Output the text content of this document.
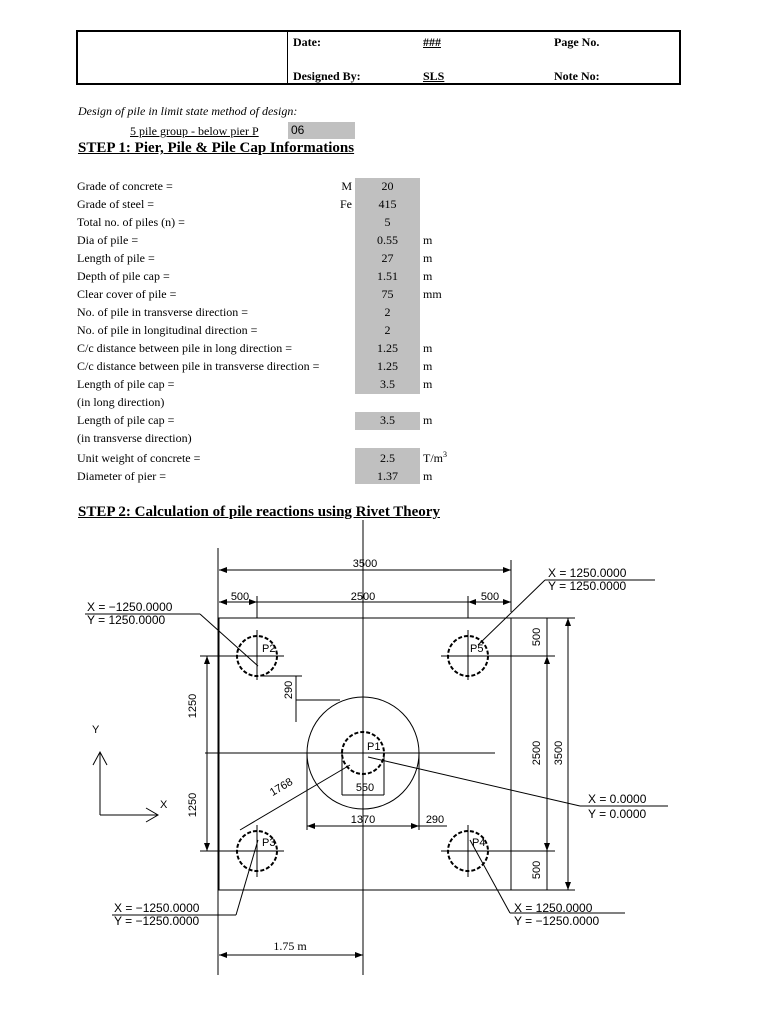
Date:	###	Page No.
Designed By:	SLS	Note No:
Design of pile in limit state method of design:
5 pile group - below pier P	06
STEP 1: Pier, Pile & Pile Cap Informations
Grade of concrete =	M	20
Grade of steel =	Fe	415
Total no. of piles (n) =	5
Dia of pile =	0.55	m
Length of pile =	27	m
Depth of pile cap =	1.51	m
Clear cover of pile =	75	mm
No. of pile in transverse direction =	2
No. of pile in longitudinal direction =	2
C/c distance between pile in long direction =	1.25	m
C/c distance between pile in transverse direction =	1.25	m
Length of pile cap =	3.5	m
(in long direction)
Length of pile cap =	3.5	m
(in transverse direction)
Unit weight of concrete =	2.5	$T/m^3$
Diameter of pier =	1.37	m
STEP 2: Calculation of pile reactions using Rivet Theory
3500
500	2500	500
550
1370	290
Y
X
P2	P5
P1
P3	P4
1250
1250
290
500
2500 3500
500
1768
X = −1250.0000
Y = 1250.0000
X = 1250.0000
Y = 1250.0000
X = 0.0000
Y = 0.0000
X = −1250.0000
Y = −1250.0000
X = 1250.0000
Y = −1250.0000
1.75 m
